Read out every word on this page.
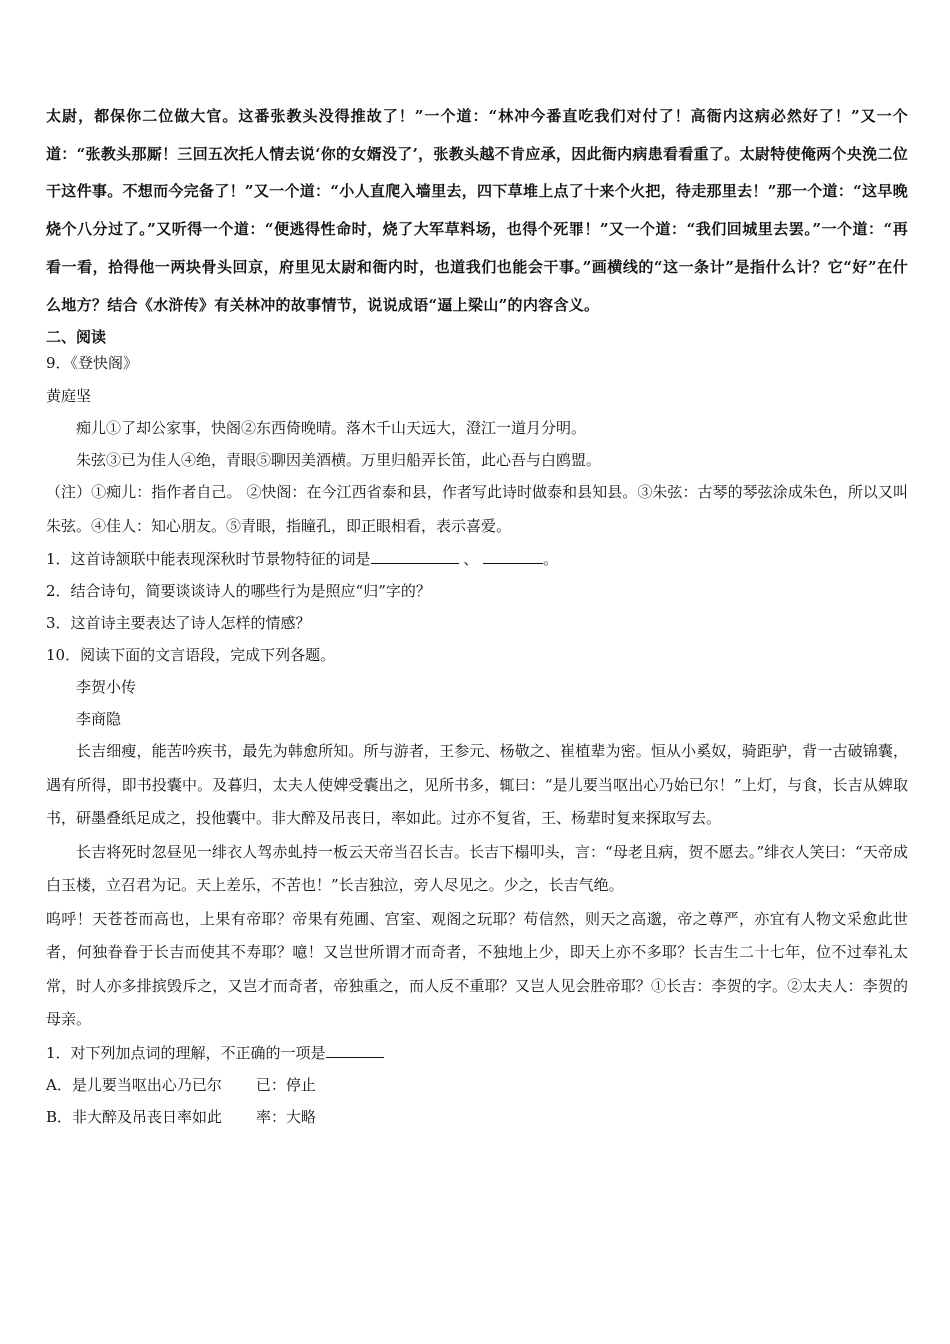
太尉，都保你二位做大官。这番张教头没得推故了！”一个道：“林冲今番直吃我们对付了！高衙内这病必然好了！”又一个道：“张教头那厮！三回五次托人情去说‘你的女婿没了’，张教头越不肯应承，因此衙内病患看看重了。太尉特使俺两个央浼二位干这件事。不想而今完备了！”又一个道：“小人直爬入墙里去，四下草堆上点了十来个火把，待走那里去！”那一个道：“这早晚烧个八分过了。”又听得一个道：“便逃得性命时，烧了大军草料场，也得个死罪！”又一个道：“我们回城里去罢。”一个道：“再看一看，拾得他一两块骨头回京，府里见太尉和衙内时，也道我们也能会干事。”画横线的“这一条计”是指什么计？它“好”在什么地方？结合《水浒传》有关林冲的故事情节，说说成语“逼上梁山”的内容含义。
二、阅读
9．《登快阁》
黄庭坚
痴儿①了却公家事，快阁②东西倚晚晴。落木千山天远大，澄江一道月分明。
朱弦③已为佳人④绝，青眼⑤聊因美酒横。万里归船弄长笛，此心吾与白鸥盟。
（注）①痴儿：指作者自己。 ②快阁：在今江西省泰和县，作者写此诗时做泰和县知县。③朱弦：古琴的琴弦涂成朱色，所以又叫朱弦。④佳人：知心朋友。⑤青眼，指瞳孔，即正眼相看，表示喜爱。
1．这首诗颔联中能表现深秋时节景物特征的词是	、	。
2．结合诗句，简要谈谈诗人的哪些行为是照应“归”字的？
3．这首诗主要表达了诗人怎样的情感？
10．阅读下面的文言语段，完成下列各题。
李贺小传
李商隐
长吉细瘦，能苦吟疾书，最先为韩愈所知。所与游者，王参元、杨敬之、崔植辈为密。恒从小奚奴，骑距驴，背一古破锦囊，遇有所得，即书投囊中。及暮归，太夫人使婢受囊出之，见所书多，辄曰：“是儿要当呕出心乃始已尔！”上灯，与食，长吉从婢取书，研墨叠纸足成之，投他囊中。非大醉及吊丧日，率如此。过亦不复省，王、杨辈时复来探取写去。
长吉将死时忽昼见一绯衣人驾赤虬持一板云天帝当召长吉。长吉下榻叩头，言：“母老且病，贺不愿去。”绯衣人笑曰：“天帝成白玉楼，立召君为记。天上差乐，不苦也！”长吉独泣，旁人尽见之。少之，长吉气绝。
呜呼！天苍苍而高也，上果有帝耶？帝果有苑圃、宫室、观阁之玩耶？苟信然，则天之高邈，帝之尊严，亦宜有人物文采愈此世者，何独眷眷于长吉而使其不寿耶？噫！又岂世所谓才而奇者，不独地上少，即天上亦不多耶？长吉生二十七年，位不过奉礼太常，时人亦多排摈毁斥之，又岂才而奇者，帝独重之，而人反不重耶？又岂人见会胜帝耶？①长吉：李贺的字。②太夫人：李贺的母亲。
1．对下列加点词的理解，不正确的一项是
A．是儿要当呕出心乃已尔 已：停止
B．非大醉及吊丧日率如此 率：大略
